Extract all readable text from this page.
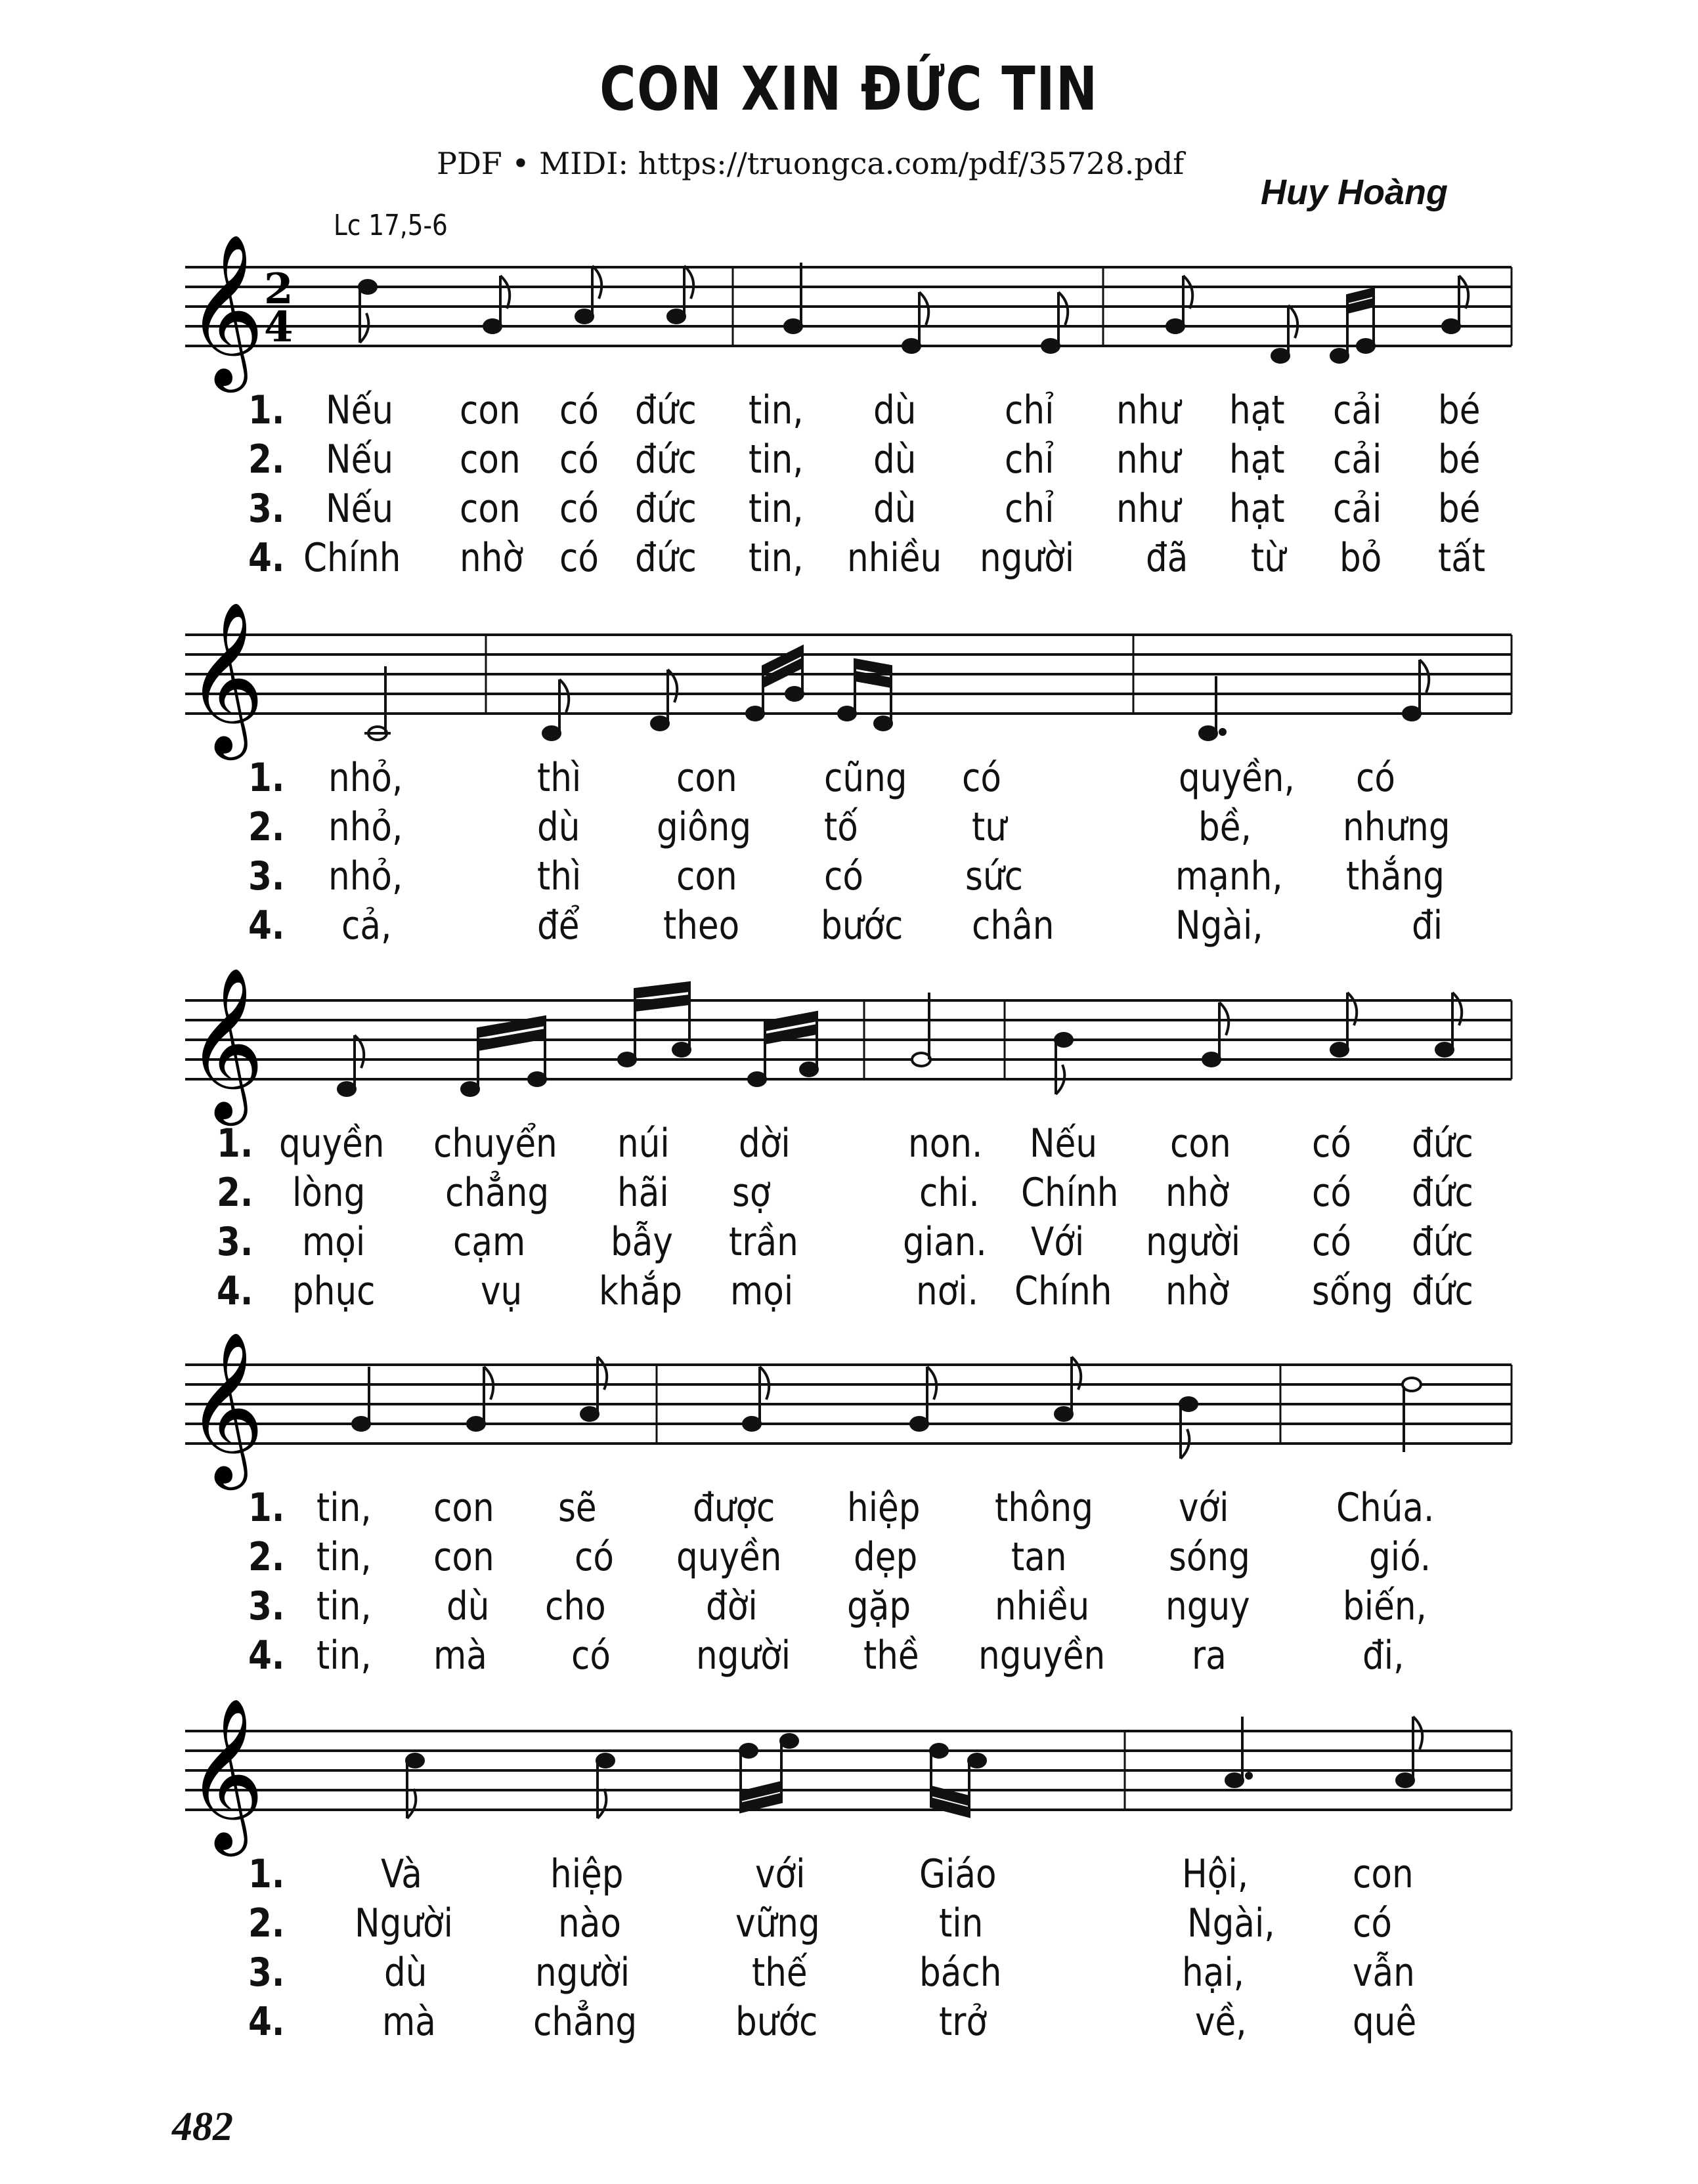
CON XIN ĐỨC TIN
PDF • MIDI: https://truongca.com/pdf/35728.pdf
Huy Hoàng
Lc 17,5-6
𝄞 2
4
1. Nếu con có đức tin, dù chỉ như hạt cải bé
2. Nếu con có đức tin, dù chỉ như hạt cải bé
3. Nếu con có đức tin, dù chỉ như hạt cải bé
4. Chính nhờ có đức tin, nhiều người đã từ bỏ tất
𝄞
1. nhỏ,	thì con cũng có	quyền, có
2. nhỏ,	dù giông tố	tư	bề, nhưng
3. nhỏ,	thì con có	sức	mạnh, thắng
4. cả,	để theo bước chân	Ngài,	đi
𝄞
1. quyền chuyển núi dời	non. Nếu con có đức
2. lòng chẳng hãi sợ	chi. Chính nhờ có đức
3. mọi cạm bẫy trần	gian. Với người có đức
4. phục	vụ khắp mọi	nơi. Chính nhờ sống đức
𝄞
1. tin, con sẽ được hiệp thông với	Chúa.
2. tin, con có quyền dẹp tan	sóng	gió.
3. tin, dù cho	đời gặp nhiều nguy biến,
4. tin, mà có người thề nguyền ra	đi,
𝄞
1. Và	hiệp	với	Giáo	Hội,	con
2. Người	nào	vững	tin	Ngài, có
3.	dù	người	thế	bách	hại,	vẫn
4. mà chẳng bước	trở	về,	quê
482
